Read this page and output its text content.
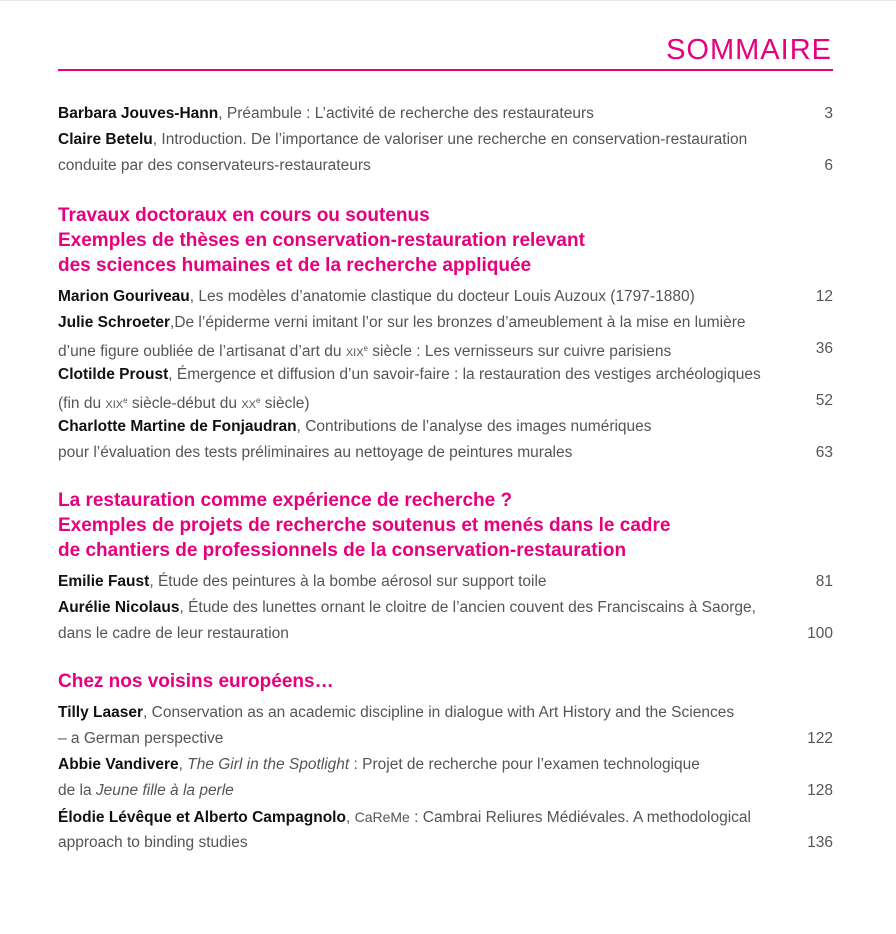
SOMMAIRE
Barbara Jouves-Hann, Préambule : L’activité de recherche des restaurateurs	3
Claire Betelu, Introduction. De l’importance de valoriser une recherche en conservation-restauration
conduite par des conservateurs-restaurateurs	6
Travaux doctoraux en cours ou soutenus
Exemples de thèses en conservation-restauration relevant
des sciences humaines et de la recherche appliquée
Marion Gouriveau, Les modèles d’anatomie clastique du docteur Louis Auzoux (1797-1880)	12
Julie Schroeter,De l’épiderme verni imitant l’or sur les bronzes d’ameublement à la mise en lumière
d’une figure oubliée de l’artisanat d’art du XIXe siècle : Les vernisseurs sur cuivre parisiens	36
Clotilde Proust, Émergence et diffusion d’un savoir-faire : la restauration des vestiges archéologiques
(fin du XIXe siècle-début du XXe siècle)	52
Charlotte Martine de Fonjaudran, Contributions de l’analyse des images numériques
pour l’évaluation des tests préliminaires au nettoyage de peintures murales	63
La restauration comme expérience de recherche ?
Exemples de projets de recherche soutenus et menés dans le cadre
de chantiers de professionnels de la conservation-restauration
Emilie Faust, Étude des peintures à la bombe aérosol sur support toile	81
Aurélie Nicolaus, Étude des lunettes ornant le cloitre de l’ancien couvent des Franciscains à Saorge,
dans le cadre de leur restauration	100
Chez nos voisins européens…
Tilly Laaser, Conservation as an academic discipline in dialogue with Art History and the Sciences
– a German perspective	122
Abbie Vandivere, The Girl in the Spotlight : Projet de recherche pour l’examen technologique
de la Jeune fille à la perle	128
Élodie Lévêque et Alberto Campagnolo, CaReMe : Cambrai Reliures Médiévales. A methodological
approach to binding studies	136
